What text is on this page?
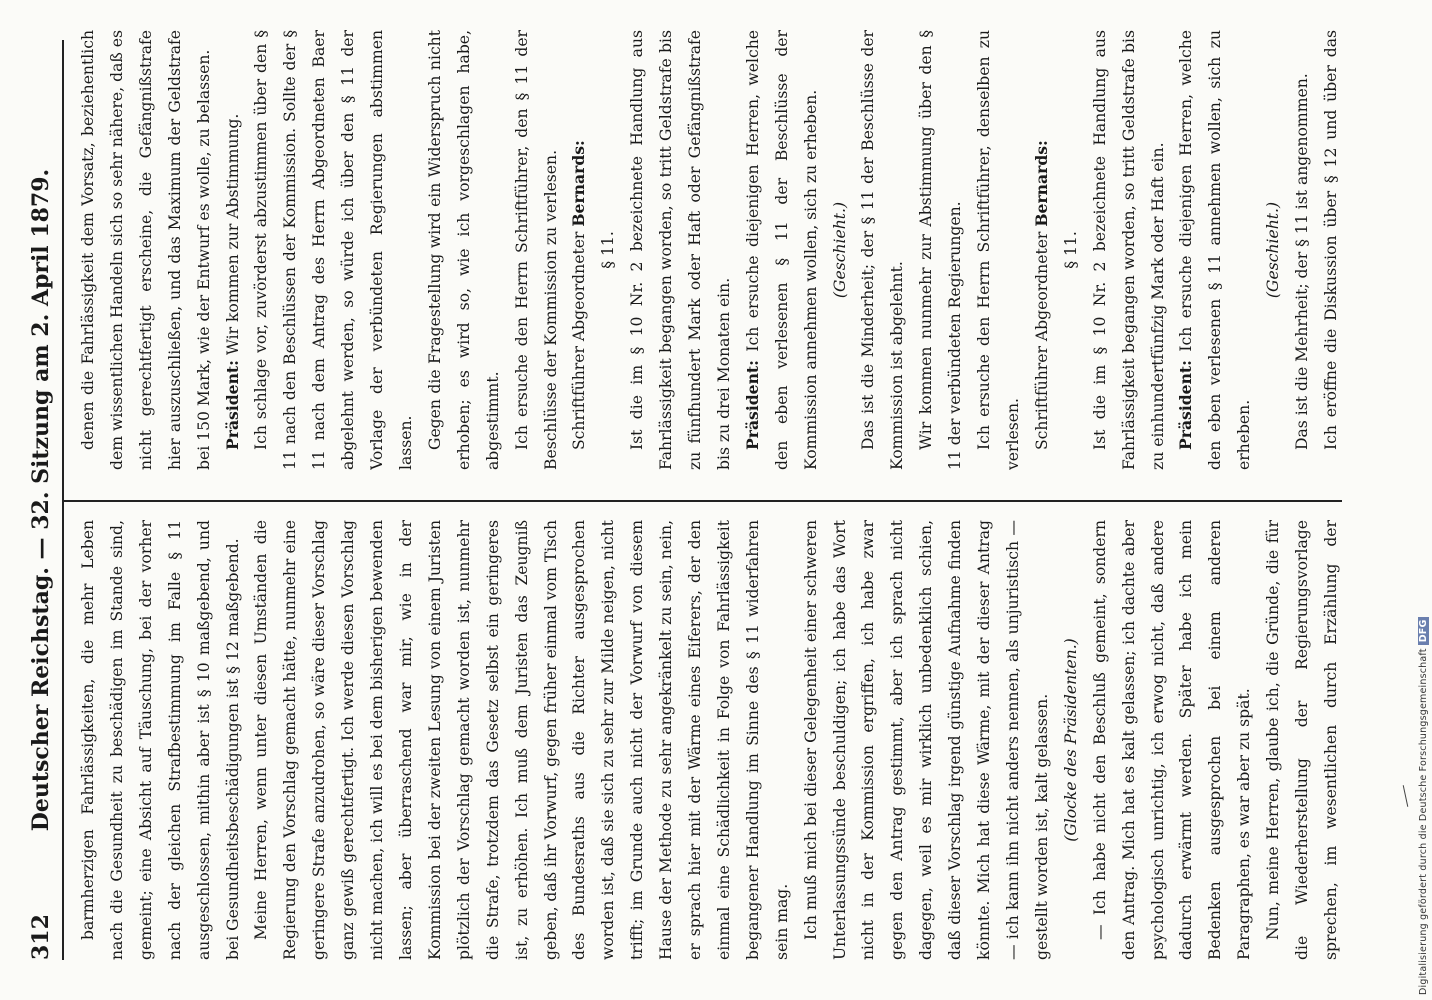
312
Deutscher Reichstag. — 32. Sitzung am 2. April 1879.	barmherzigen Fahrlässigkeiten, die mehr Leben nach die Gesundheit zu beschädigen im Stande sind, gemeint; eine Absicht auf Täuschung, bei der vorher nach der gleichen Strafbestimmung im Falle § 11 ausgeschlossen, mithin aber ist § 10 maßgebend, und bei Gesundheitsbeschädigungen ist § 12 maßgebend. Meine Herren, wenn unter diesen Umständen die Regierung den Vorschlag gemacht hätte, nunmehr eine geringere Strafe anzudrohen, so wäre dieser Vorschlag ganz gewiß gerechtfertigt. Ich werde diesen Vorschlag nicht machen, ich will es bei dem bisherigen bewenden lassen; aber überraschend war mir, wie in der Kommission bei der zweiten Lesung von einem Juristen plötzlich der Vorschlag gemacht worden ist, nunmehr die Strafe, trotzdem das Gesetz selbst ein geringeres ist, zu erhöhen. Ich muß dem Juristen das Zeugniß geben, daß ihr Vorwurf, gegen früher einmal vom Tisch des Bundesraths aus die Richter ausgesprochen worden ist, daß sie sich zu sehr zur Milde neigen, nicht trifft; im Grunde auch nicht der Vorwurf von diesem Hause der Methode zu sehr angekränkelt zu sein, nein, er sprach hier mit der Wärme eines Eiferers, der den einmal eine Schädlichkeit in Folge von Fahrlässigkeit begangener Handlung im Sinne des § 11 widerfahren sein mag. Ich muß mich bei dieser Gelegenheit einer schweren Unterlassungssünde beschuldigen; ich habe das Wort nicht in der Kommission ergriffen, ich habe zwar gegen den Antrag gestimmt, aber ich sprach nicht dagegen, weil es mir wirklich unbedenklich schien, daß dieser Vorschlag irgend günstige Aufnahme finden könnte. Mich hat diese Wärme, mit der dieser Antrag — ich kann ihn nicht anders nennen, als unjuristisch — gestellt worden ist, kalt gelassen. (Glocke des Präsidenten.) — Ich habe nicht den Beschluß gemeint, sondern den Antrag. Mich hat es kalt gelassen; ich dachte aber psychologisch unrichtig, ich erwog nicht, daß andere dadurch erwärmt werden. Später habe ich mein Bedenken ausgesprochen bei einem anderen Paragraphen, es war aber zu spät. Nun, meine Herren, glaube ich, die Gründe, die für die Wiederherstellung der Regierungsvorlage sprechen, im wesentlichen durch Erzählung der

denen die Fahrlässigkeit dem Vorsatz, beziehentlich dem wissentlichen Handeln sich so sehr nähere, daß es nicht gerechtfertigt erscheine, die Gefängnißstrafe hier auszuschließen, und das Maximum der Geldstrafe bei 150 Mark, wie der Entwurf es wolle, zu belassen. Präsident: Wir kommen zur Abstimmung. Ich schlage vor, zuvörderst abzustimmen über den § 11 nach den Beschlüssen der Kommission. Sollte der § 11 nach dem Antrag des Herrn Abgeordneten Baer abgelehnt werden, so würde ich über den § 11 der Vorlage der verbündeten Regierungen abstimmen lassen. Gegen die Fragestellung wird ein Widerspruch nicht erhoben; es wird so, wie ich vorgeschlagen habe, abgestimmt. Ich ersuche den Herrn Schriftführer, den § 11 der Beschlüsse der Kommission zu verlesen. Schriftführer Abgeordneter Bernards:

§ 11. Ist die im § 10 Nr. 2 bezeichnete Handlung aus Fahrlässigkeit begangen worden, so tritt Geldstrafe bis zu fünfhundert Mark oder Haft oder Gefängnißstrafe bis zu drei Monaten ein. Präsident: Ich ersuche diejenigen Herren, welche den eben verlesenen § 11 der Beschlüsse der Kommission annehmen wollen, sich zu erheben. (Geschieht.) Das ist die Minderheit; der § 11 der Beschlüsse der Kommission ist abgelehnt. Wir kommen nunmehr zur Abstimmung über den § 11 der verbündeten Regierungen. Ich ersuche den Herrn Schriftführer, denselben zu verlesen. Schriftführer Abgeordneter Bernards:

§ 11. Ist die im § 10 Nr. 2 bezeichnete Handlung aus Fahrlässigkeit begangen worden, so tritt Geldstrafe bis zu einhundertfünfzig Mark oder Haft ein. Präsident: Ich ersuche diejenigen Herren, welche den eben verlesenen § 11 annehmen wollen, sich zu erheben.

(Geschieht.) Das ist die Mehrheit; der § 11 ist angenommen. Ich eröffne die Diskussion über § 12 und über das

Digitalisierung gefördert durch die Deutsche ForschungsgemeinschaftDFG
